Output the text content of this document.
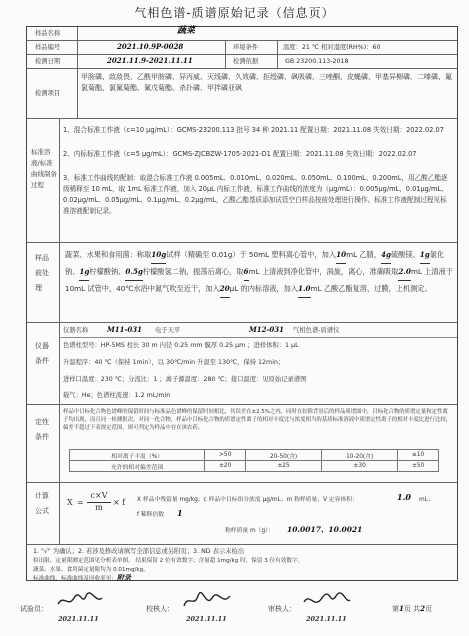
气相色谱-质谱原始记录（信息页）
样品名称	蔬菜
样品编号	2021.10.9P-0028	环境条件	温度：21 ℃ 相对湿度(RH%)：60
检测日期	2021.11.9-2021.11.11	检测依据	GB 23200.113-2018
检测项目
甲胺磷、敌敌畏、乙酰甲胺磷、异丙威、灭线磷、久效磷、拒绶磷、砜吸磷、三唑酮、皮蝇磷、甲基异柳磷、二嗪磷、氟氯菊酯、氯氰菊酯、氰戊菊酯、杀扑磷、甲拌磷亚砜
标准溶液/标准曲线制备过程
1、混合标准工作液（c=10 μg/mL）：GCMS-23200.113 批号 34 种 2021.11 配置日期：2021.11.08 失效日期：2022.02.07
2、内标标准工作液（c=5 μg/mL）：GCMS-ZJCBZW-1705-2021-D1 配置日期：2021.11.08 失效日期：2022.02.07
3、标准工作曲线的配制：取混合标准工作液 0.005mL、0.010mL、0.020mL、0.050mL、0.100mL、0.200mL，用乙酸乙酯逐级稀释至 10 mL，取 1mL 标准工作液，加入 20μL 内标工作液，标准工作曲线的浓度为（μg/mL）：0.005μg/mL、0.01μg/mL、0.02μg/mL、0.05μg/mL、0.1μg/mL、0.2μg/mL，乙酸乙酯基质添加试管空白样品按前处理进行操作。标准工作液配制过程见标准溶液配制记录。
样品前处理
蔬菜、水果和食用菌：称取10g试样（精确至 0.01g）于 50mL 塑料离心管中，加入10mL 乙腈，4g硫酸镁、1g氯化钠、1g柠檬酸钠、0.5g柠檬酸氢二钠，振荡后离心，取6mL 上清液到净化管中，涡旋，离心，准确吸取2.0mL 上清液于 10mL 试管中，40℃水浴中氮气吹至近干，加入20μL 的内标溶液，加入1.0mL 乙酸乙酯复溶，过膜，上机测定。
仪器条件
仪器名称	M11-031 电子天平	M12-031 气相色谱-质谱仪
色谱柱型号：HP-5MS 柱长 30 m 内径 0.25 mm 膜厚 0.25 μm ；进样体积：1 μL
升温程序：40 ℃（保持 1min），以 30℃/min 升温至 130℃，保持 12min；
进样口温度：230 ℃；分流比：1 ；离子源温度：280 ℃；接口温度：见原始记录谱图
载气：He；色谱柱流速：1.2 mL/min
定性条件
样品中目标化合物色谱峰的保留时间与标准品色谱峰的保留时间相比，其误差在±2.5%之内，同时在扣除背景后的样品质谱图中，目标化合物的质谱定量和定性离子均出现，而且同一检测批次，对同一化合物，样品中目标化合物的质谱定性离子的相对丰度比与浓度相当的基质标准溶液中质谱定性离子的相对丰度比进行比较，偏差不超过下表规定范围，则可判定为样品中存在该农药。
相对离子丰度（%）	>50	20-50(含)	10-20(含)	≤10
允许的相对偏差范围	±20	±25	±30	±50
计算公式
X =
c×V
m
× f X 样品中残留量 mg/kg；c 样品中目标组分浓度 μg/mL；m 称样质量；V 定容体积：	1.0 mL；
f 稀释倍数 1
称样质量 m（g）： 10.0017、10.0021
1. "√" 为确认；2. 若涉及修改请填写全部信息或另附页；3. ND 表示未检出
检出限、定量限测定范围见分析表单图。 结果保留 2 位有效数字；含量超 1mg/kg 时，保留 3 位有效数字。
蔬菜、水果、食用菌定量限均为 0.01mg/kg。
标准曲线、标准曲线及回收率见：附录
试验员：
2021.11.11
校核人：
2021.11.11
审核人：
2021.11.11
第1页 共2页
